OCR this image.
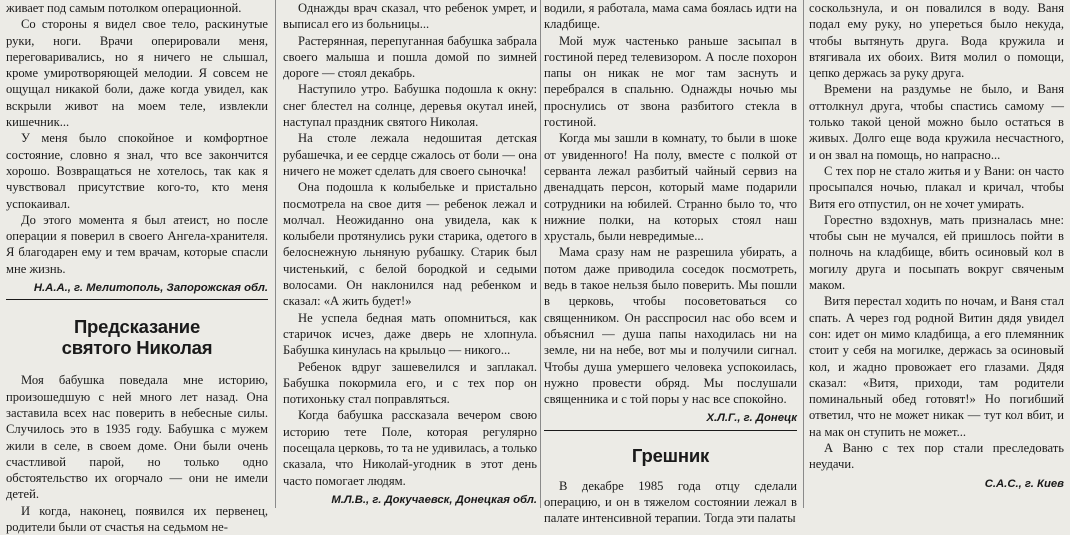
живает под самым потолком операционной.

Со стороны я видел свое тело, раскинутые руки, ноги. Врачи оперировали меня, переговаривались, но я ничего не слышал, кроме умиротворяющей мелодии. Я совсем не ощущал никакой боли, даже когда увидел, как вскрыли живот на моем теле, извлекли кишечник...

У меня было спокойное и комфортное состояние, словно я знал, что все закончится хорошо. Возвращаться не хотелось, так как я чувствовал присутствие кого-то, кто меня успокаивал.

До этого момента я был атеист, но после операции я поверил в своего Ангела-хранителя. Я благодарен ему и тем врачам, которые спасли мне жизнь.

Н.А.А., г. Мелитополь, Запорожская обл.
Предсказание
святого Николая

Моя бабушка поведала мне историю, произошедшую с ней много лет назад. Она заставила всех нас поверить в небесные силы. Случилось это в 1935 году. Бабушка с мужем жили в селе, в своем доме. Они были очень счастливой парой, но только одно обстоятельство их огорчало — они не имели детей.

И когда, наконец, появился их первенец, родители были от счастья на седьмом не-

Однажды врач сказал, что ребенок умрет, и выписал его из больницы...

Растерянная, перепуганная бабушка забрала своего малыша и пошла домой по зимней дороге — стоял декабрь.

Наступило утро. Бабушка подошла к окну: снег блестел на солнце, деревья окутал иней, наступал праздник святого Николая.

На столе лежала недошитая детская рубашечка, и ее сердце сжалось от боли — она ничего не может сделать для своего сыночка!

Она подошла к колыбельке и пристально посмотрела на свое дитя — ребенок лежал и молчал. Неожиданно она увидела, как к колыбели протянулись руки старика, одетого в белоснежную льняную рубашку. Старик был чистенький, с белой бородкой и седыми волосами. Он наклонился над ребенком и сказал: «А жить будет!»

Не успела бедная мать опомниться, как старичок исчез, даже дверь не хлопнула. Бабушка кинулась на крыльцо — никого...

Ребенок вдруг зашевелился и заплакал. Бабушка покормила его, и с тех пор он потихоньку стал поправляться.

Когда бабушка рассказала вечером свою историю тете Поле, которая регулярно посещала церковь, то та не удивилась, а только сказала, что Николай-угодник в этот день часто помогает людям.

М.Л.В., г. Докучаевск, Донецкая обл.

водили, я работала, мама сама боялась идти на кладбище.

Мой муж частенько раньше засыпал в гостиной перед телевизором. А после похорон папы он никак не мог там заснуть и перебрался в спальню. Однажды ночью мы проснулись от звона разбитого стекла в гостиной.

Когда мы зашли в комнату, то были в шоке от увиденного! На полу, вместе с полкой от серванта лежал разбитый чайный сервиз на двенадцать персон, который маме подарили сотрудники на юбилей. Странно было то, что нижние полки, на которых стоял наш хрусталь, были невредимые...

Мама сразу нам не разрешила убирать, а потом даже приводила соседок посмотреть, ведь в такое нельзя было поверить. Мы пошли в церковь, чтобы посоветоваться со священником. Он расспросил нас обо всем и объяснил — душа папы находилась ни на земле, ни на небе, вот мы и получили сигнал. Чтобы душа умершего человека успокоилась, нужно провести обряд. Мы послушали священника и с той поры у нас все спокойно.

Х.Л.Г., г. Донецк
Грешник

В декабре 1985 года отцу сделали операцию, и он в тяжелом состоянии лежал в палате интенсивной терапии. Тогда эти палаты

соскользнула, и он повалился в воду. Ваня подал ему руку, но упереться было некуда, чтобы вытянуть друга. Вода кружила и втягивала их обоих. Витя молил о помощи, цепко держась за руку друга.

Времени на раздумье не было, и Ваня оттолкнул друга, чтобы спастись самому — только такой ценой можно было остаться в живых. Долго еще вода кружила несчастного, и он звал на помощь, но напрасно...

С тех пор не стало житья и у Вани: он часто просыпался ночью, плакал и кричал, чтобы Витя его отпустил, он не хочет умирать.

Горестно вздохнув, мать призналась мне: чтобы сын не мучался, ей пришлось пойти в полночь на кладбище, вбить осиновый кол в могилу друга и посыпать вокруг свяченым маком.

Витя перестал ходить по ночам, и Ваня стал спать. А через год родной Витин дядя увидел сон: идет он мимо кладбища, а его племянник стоит у себя на могилке, держась за осиновый кол, и жадно провожает его глазами. Дядя сказал: «Витя, приходи, там родители поминальный обед готовят!» Но погибший ответил, что не может никак — тут кол вбит, и на мак он ступить не может...

А Ваню с тех пор стали преследовать неудачи.

С.А.С., г. Киев
